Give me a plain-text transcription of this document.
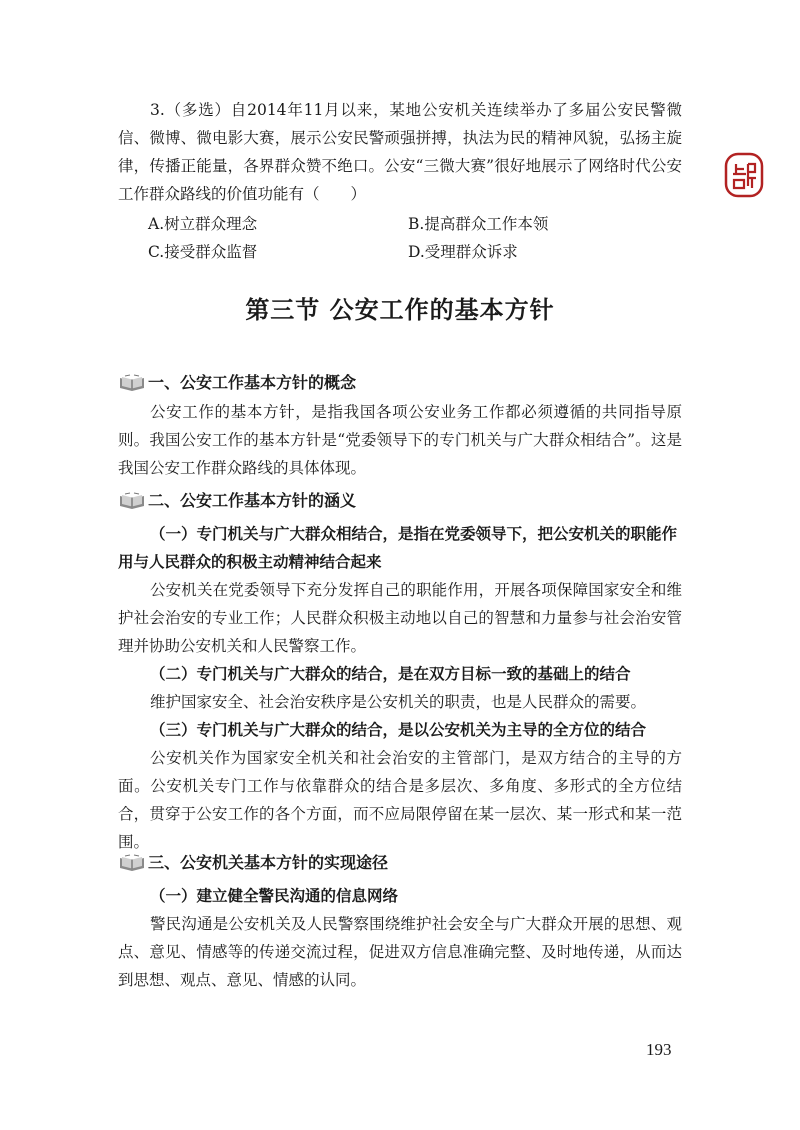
3.（多选）自2014年11月以来，某地公安机关连续举办了多届公安民警微信、微博、微电影大赛，展示公安民警顽强拼搏，执法为民的精神风貌，弘扬主旋律，传播正能量，各界群众赞不绝口。公安“三微大赛”很好地展示了网络时代公安工作群众路线的价值功能有（　　）

A.树立群众理念	B.提高群众工作本领
C.接受群众监督	D.受理群众诉求
第三节 公安工作的基本方针
一、公安工作基本方针的概念

公安工作的基本方针，是指我国各项公安业务工作都必须遵循的共同指导原则。我国公安工作的基本方针是“党委领导下的专门机关与广大群众相结合”。这是我国公安工作群众路线的具体体现。

二、公安工作基本方针的涵义

（一）专门机关与广大群众相结合，是指在党委领导下，把公安机关的职能作用与人民群众的积极主动精神结合起来

公安机关在党委领导下充分发挥自己的职能作用，开展各项保障国家安全和维护社会治安的专业工作；人民群众积极主动地以自己的智慧和力量参与社会治安管理并协助公安机关和人民警察工作。

（二）专门机关与广大群众的结合，是在双方目标一致的基础上的结合

维护国家安全、社会治安秩序是公安机关的职责，也是人民群众的需要。

（三）专门机关与广大群众的结合，是以公安机关为主导的全方位的结合

公安机关作为国家安全机关和社会治安的主管部门，是双方结合的主导的方面。公安机关专门工作与依靠群众的结合是多层次、多角度、多形式的全方位结合，贯穿于公安工作的各个方面，而不应局限停留在某一层次、某一形式和某一范围。

三、公安机关基本方针的实现途径

（一）建立健全警民沟通的信息网络

警民沟通是公安机关及人民警察围绕维护社会安全与广大群众开展的思想、观点、意见、情感等的传递交流过程，促进双方信息准确完整、及时地传递，从而达到思想、观点、意见、情感的认同。

193
